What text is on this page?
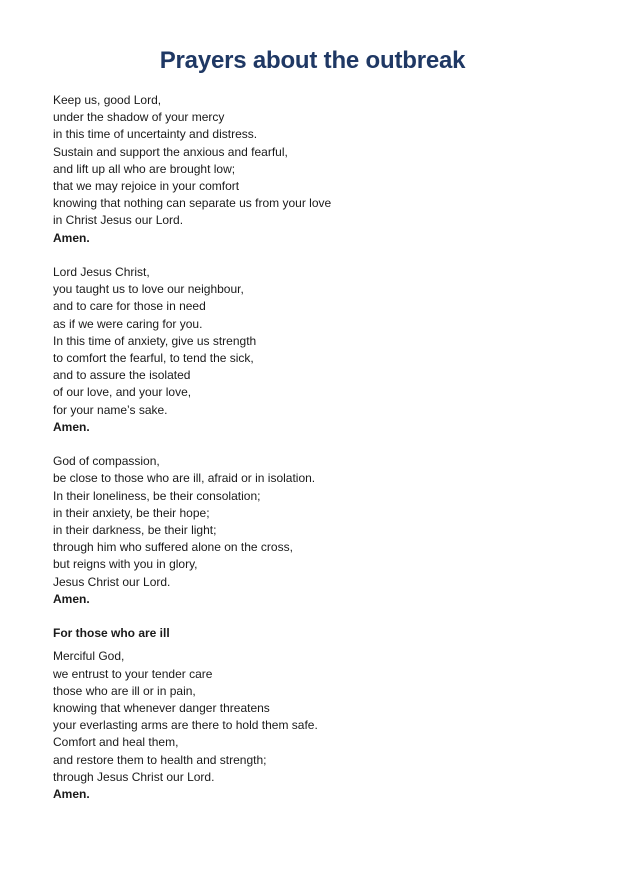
Prayers about the outbreak
Keep us, good Lord,
under the shadow of your mercy
in this time of uncertainty and distress.
Sustain and support the anxious and fearful,
and lift up all who are brought low;
that we may rejoice in your comfort
knowing that nothing can separate us from your love
in Christ Jesus our Lord.
Amen.
Lord Jesus Christ,
you taught us to love our neighbour,
and to care for those in need
as if we were caring for you.
In this time of anxiety, give us strength
to comfort the fearful, to tend the sick,
and to assure the isolated
of our love, and your love,
for your name’s sake.
Amen.
God of compassion,
be close to those who are ill, afraid or in isolation.
In their loneliness, be their consolation;
in their anxiety, be their hope;
in their darkness, be their light;
through him who suffered alone on the cross,
but reigns with you in glory,
Jesus Christ our Lord.
Amen.
For those who are ill
Merciful God,
we entrust to your tender care
those who are ill or in pain,
knowing that whenever danger threatens
your everlasting arms are there to hold them safe.
Comfort and heal them,
and restore them to health and strength;
through Jesus Christ our Lord.
Amen.
